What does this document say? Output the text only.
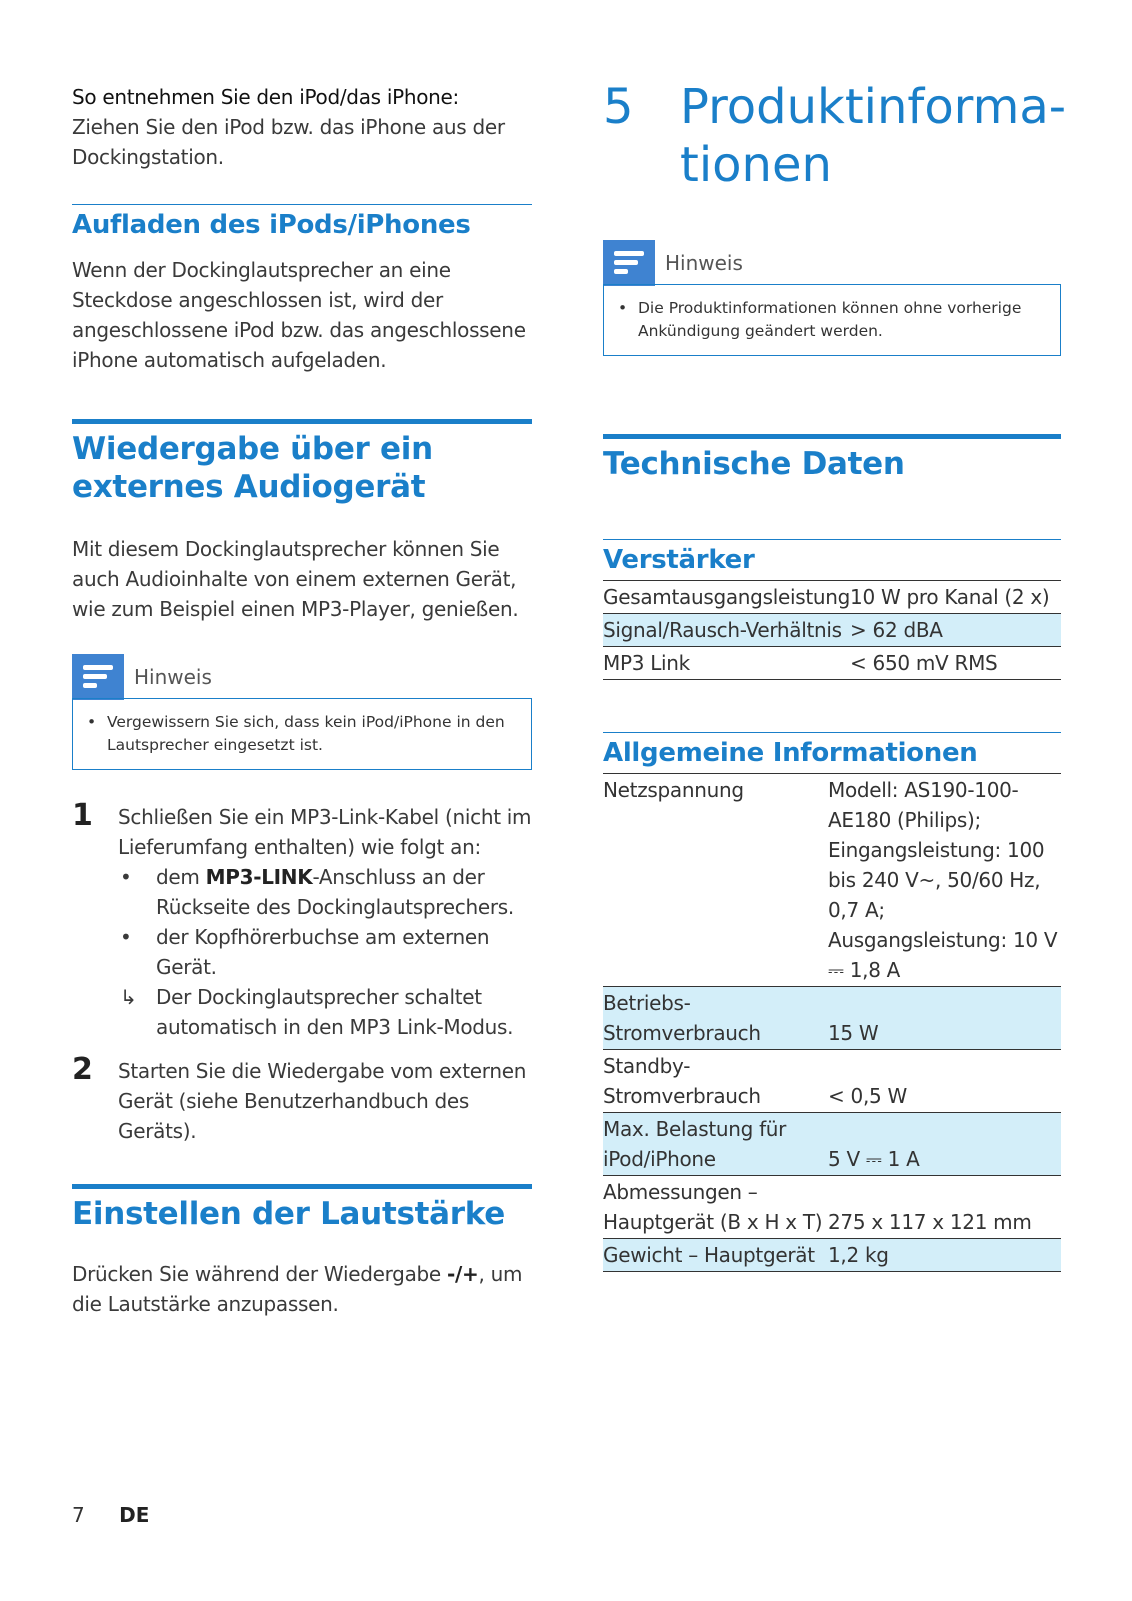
So entnehmen Sie den iPod/das iPhone:

Ziehen Sie den iPod bzw. das iPhone aus der Dockingstation.

Aufladen des iPods/iPhones

Wenn der Dockinglautsprecher an eine Steckdose angeschlossen ist, wird der angeschlossene iPod bzw. das angeschlossene iPhone automatisch aufgeladen.

Wiedergabe über ein externes Audiogerät

Mit diesem Dockinglautsprecher können Sie auch Audioinhalte von einem externen Gerät, wie zum Beispiel einen MP3-Player, genießen.

Hinweis
• Vergewissern Sie sich, dass kein iPod/iPhone in den Lautsprecher eingesetzt ist.
1 Schließen Sie ein MP3-Link-Kabel (nicht im Lieferumfang enthalten) wie folgt an:

• dem MP3-LINK-Anschluss an der Rückseite des Dockinglautsprechers.
• der Kopfhörerbuchse am externen Gerät.
↳ Der Dockinglautsprecher schaltet automatisch in den MP3 Link-Modus.
2 Starten Sie die Wiedergabe vom externen Gerät (siehe Benutzerhandbuch des Geräts).

Einstellen der Lautstärke

Drücken Sie während der Wiedergabe -/+, um die Lautstärke anzupassen.

5 Produktinforma-
tionen
Hinweis
• Die Produktinformationen können ohne vorherige Ankündigung geändert werden.
Technische Daten
Verstärker
Gesamtausgangsleistung	10 W pro Kanal (2 x)
Signal/Rausch-Verhältnis	> 62 dBA
MP3 Link	< 650 mV RMS
Allgemeine Informationen
Netzspannung	Modell: AS190-100-AE180 (Philips); Eingangsleistung: 100 bis 240 V~, 50/60 Hz, 0,7 A; Ausgangsleistung: 10 V ⎓ 1,8 A
Betriebs-Stromverbrauch	15 W
Standby-Stromverbrauch	< 0,5 W
Max. Belastung für iPod/iPhone	5 V ⎓ 1 A
Abmessungen – Hauptgerät (B x H x T)	275 x 117 x 121 mm
Gewicht – Hauptgerät	1,2 kg
7 DE
